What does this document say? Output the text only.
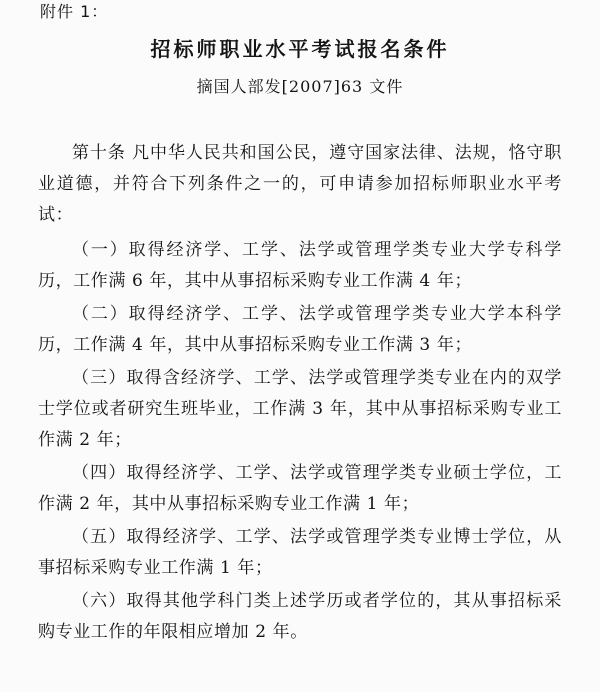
附件 1：
招标师职业水平考试报名条件
摘国人部发[2007]63 文件

第十条 凡中华人民共和国公民，遵守国家法律、法规，恪守职业道德，并符合下列条件之一的，可申请参加招标师职业水平考试：

（一）取得经济学、工学、法学或管理学类专业大学专科学历，工作满 6 年，其中从事招标采购专业工作满 4 年；

（二）取得经济学、工学、法学或管理学类专业大学本科学历，工作满 4 年，其中从事招标采购专业工作满 3 年；

（三）取得含经济学、工学、法学或管理学类专业在内的双学士学位或者研究生班毕业，工作满 3 年，其中从事招标采购专业工作满 2 年；

（四）取得经济学、工学、法学或管理学类专业硕士学位，工作满 2 年，其中从事招标采购专业工作满 1 年；

（五）取得经济学、工学、法学或管理学类专业博士学位，从事招标采购专业工作满 1 年；

（六）取得其他学科门类上述学历或者学位的，其从事招标采购专业工作的年限相应增加 2 年。
